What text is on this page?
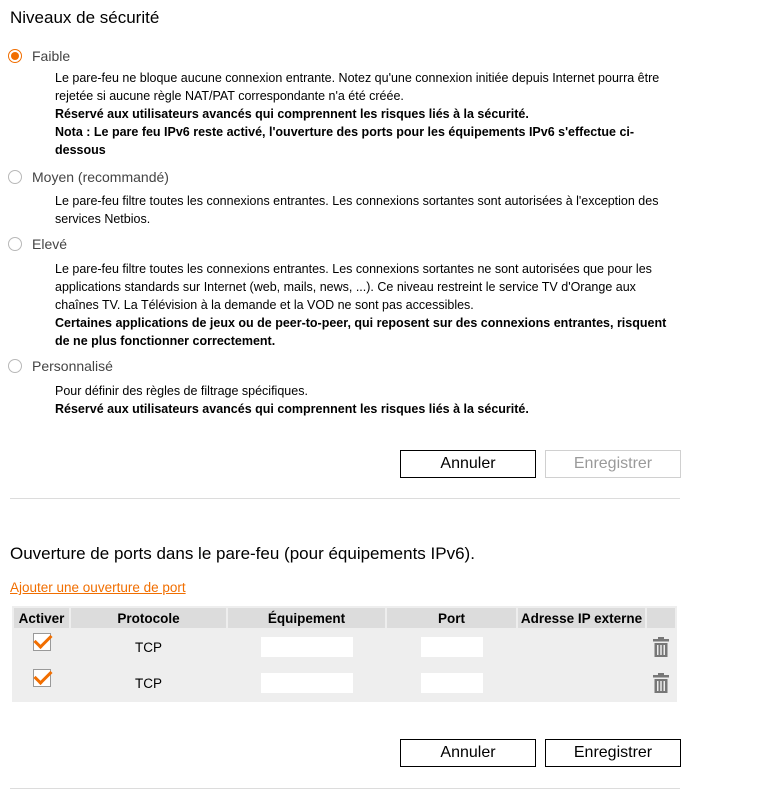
Niveaux de sécurité
Faible
Le pare-feu ne bloque aucune connexion entrante. Notez qu'une connexion initiée depuis Internet pourra être
rejetée si aucune règle NAT/PAT correspondante n'a été créée.
Réservé aux utilisateurs avancés qui comprennent les risques liés à la sécurité.
Nota : Le pare feu IPv6 reste activé, l'ouverture des ports pour les équipements IPv6 s'effectue ci-
dessous
Moyen (recommandé)
Le pare-feu filtre toutes les connexions entrantes. Les connexions sortantes sont autorisées à l'exception des
services Netbios.
Elevé
Le pare-feu filtre toutes les connexions entrantes. Les connexions sortantes ne sont autorisées que pour les
applications standards sur Internet (web, mails, news, ...). Ce niveau restreint le service TV d'Orange aux
chaînes TV. La Télévision à la demande et la VOD ne sont pas accessibles.
Certaines applications de jeux ou de peer-to-peer, qui reposent sur des connexions entrantes, risquent
de ne plus fonctionner correctement.
Personnalisé
Pour définir des règles de filtrage spécifiques.
Réservé aux utilisateurs avancés qui comprennent les risques liés à la sécurité.
Annuler	Enregistrer
Ouverture de ports dans le pare-feu (pour équipements IPv6).
Ajouter une ouverture de port
Activer	Protocole	Équipement	Port	Adresse IP externe	
	TCP				
	TCP				
Annuler	Enregistrer
